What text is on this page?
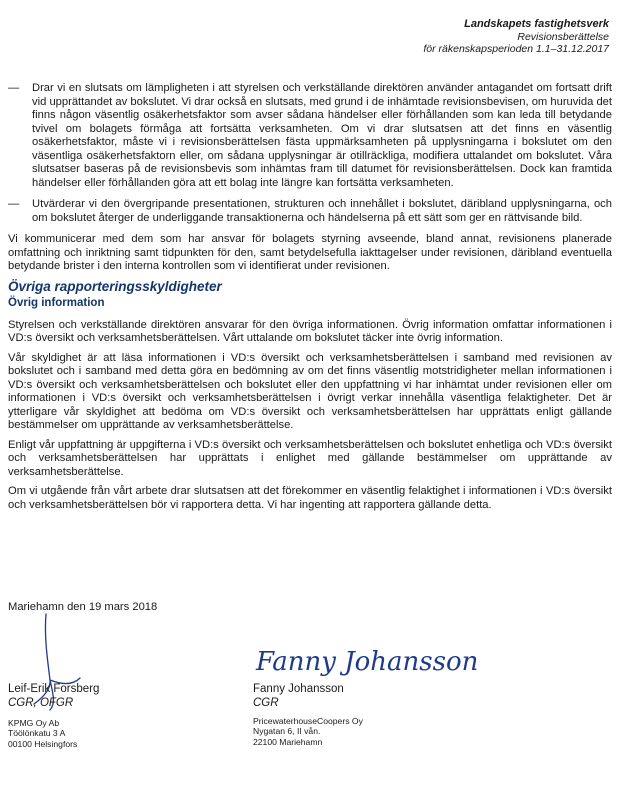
Landskapets fastighetsverk
Revisionsberättelse
för räkenskapsperioden 1.1–31.12.2017
—	Drar vi en slutsats om lämpligheten i att styrelsen och verkställande direktören använder antagandet om fortsatt drift vid upprättandet av bokslutet. Vi drar också en slutsats, med grund i de inhämtade revisionsbevisen, om huruvida det finns någon väsentlig osäkerhetsfaktor som avser sådana händelser eller förhållanden som kan leda till betydande tvivel om bolagets förmåga att fortsätta verksamheten. Om vi drar slutsatsen att det finns en väsentlig osäkerhetsfaktor, måste vi i revisionsberättelsen fästa uppmärksamheten på upplysningarna i bokslutet om den väsentliga osäkerhetsfaktorn eller, om sådana upplysningar är otillräckliga, modifiera uttalandet om bokslutet. Våra slutsatser baseras på de revisionsbevis som inhämtas fram till datumet för revisionsberättelsen. Dock kan framtida händelser eller förhållanden göra att ett bolag inte längre kan fortsätta verksamheten.
—	Utvärderar vi den övergripande presentationen, strukturen och innehållet i bokslutet, däribland upplysningarna, och om bokslutet återger de underliggande transaktionerna och händelserna på ett sätt som ger en rättvisande bild.

Vi kommunicerar med dem som har ansvar för bolagets styrning avseende, bland annat, revisionens planerade omfattning och inriktning samt tidpunkten för den, samt betydelsefulla iakttagelser under revisionen, däribland eventuella betydande brister i den interna kontrollen som vi identifierat under revisionen.

Övriga rapporteringsskyldigheter
Övrig information

Styrelsen och verkställande direktören ansvarar för den övriga informationen. Övrig information omfattar informationen i VD:s översikt och verksamhetsberättelsen. Vårt uttalande om bokslutet täcker inte övrig information.

Vår skyldighet är att läsa informationen i VD:s översikt och verksamhetsberättelsen i samband med revisionen av bokslutet och i samband med detta göra en bedömning av om det finns väsentlig motstridigheter mellan informationen i VD:s översikt och verksamhetsberättelsen och bokslutet eller den uppfattning vi har inhämtat under revisionen eller om informationen i VD:s översikt och verksamhetsberättelsen i övrigt verkar innehålla väsentliga felaktigheter. Det är ytterligare vår skyldighet att bedöma om VD:s översikt och verksamhetsberättelsen har upprättats enligt gällande bestämmelser om upprättande av verksamhetsberättelse.

Enligt vår uppfattning är uppgifterna i VD:s översikt och verksamhetsberättelsen och bokslutet enhetliga och VD:s översikt och verksamhetsberättelsen har upprättats i enlighet med gällande bestämmelser om upprättande av verksamhetsberättelse.

Om vi utgående från vårt arbete drar slutsatsen att det förekommer en väsentlig felaktighet i informationen i VD:s översikt och verksamhetsberättelsen bör vi rapportera detta. Vi har ingenting att rapportera gällande detta.

Mariehamn den 19 mars 2018
Fanny Johansson
Leif-Erik Forsberg
CGR, OFGR
Fanny Johansson
CGR
KPMG Oy Ab
Töölönkatu 3 A
00100 Helsingfors
PricewaterhouseCoopers Oy
Nygatan 6, II vån.
22100 Mariehamn
